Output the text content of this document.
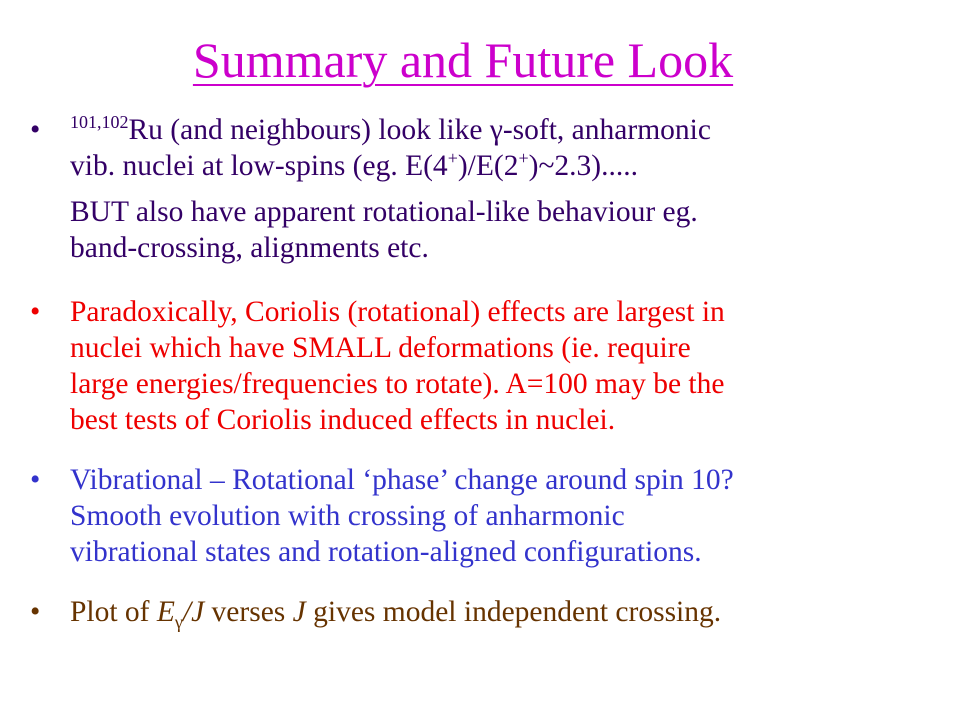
Summary and Future Look
•	$^{101,102}$Ru (and neighbours) look like γ-soft, anharmonic
vib. nuclei at low-spins (eg. E(4+)/E(2+)~2.3).....
BUT also have apparent rotational-like behaviour eg.
band-crossing, alignments etc.
•	Paradoxically, Coriolis (rotational) effects are largest in
nuclei which have SMALL deformations (ie. require
large energies/frequencies to rotate). A=100 may be the
best tests of Coriolis induced effects in nuclei.
•	Vibrational – Rotational ‘phase’ change around spin 10?
Smooth evolution with crossing of anharmonic
vibrational states and rotation-aligned configurations.
•	Plot of $E_\gamma/J$ verses J gives model independent crossing.
